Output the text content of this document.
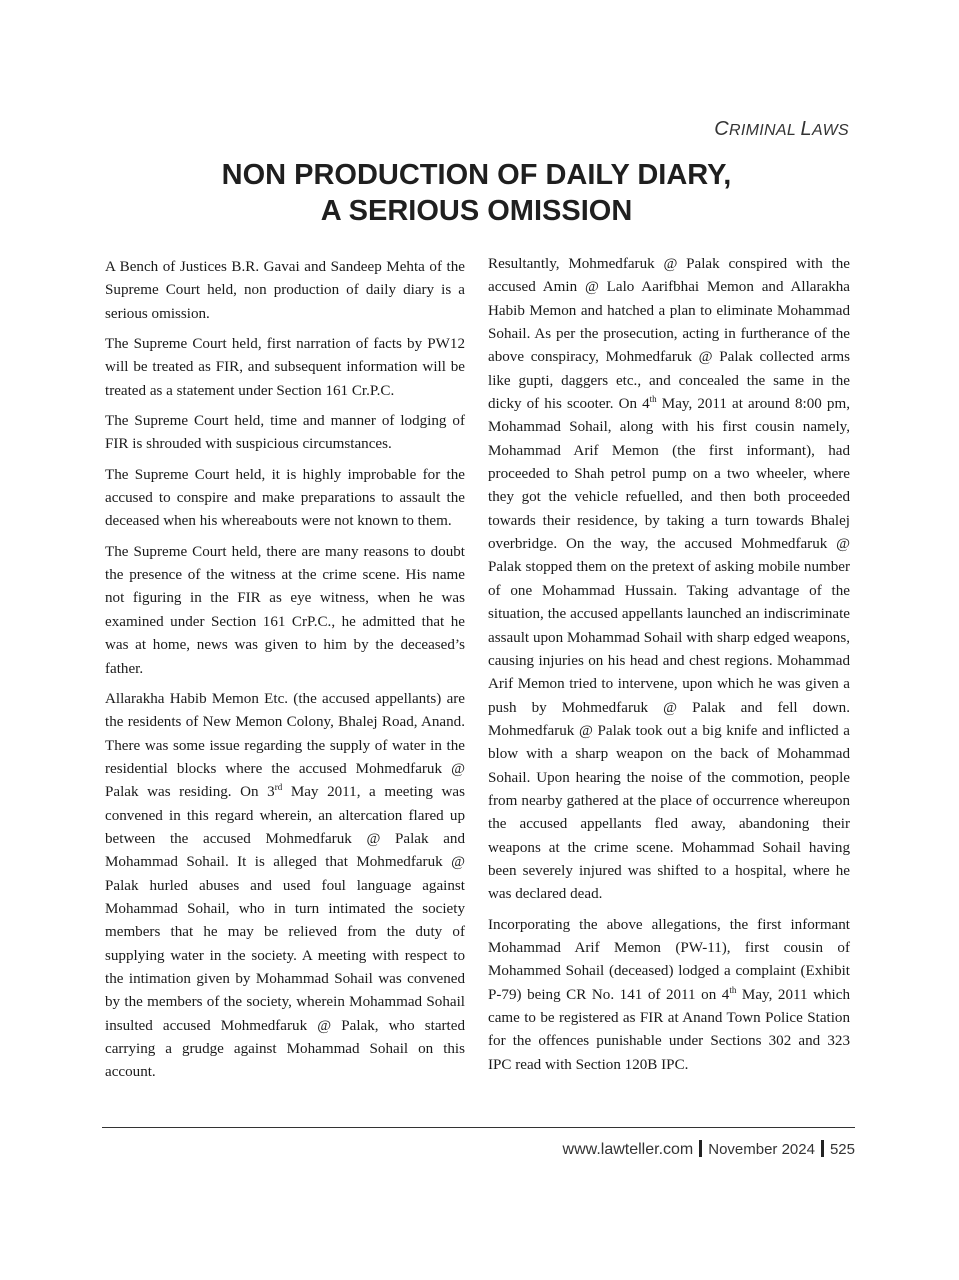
CRIMINAL LAWS
NON PRODUCTION OF DAILY DIARY,
A SERIOUS OMISSION

A Bench of Justices B.R. Gavai and Sandeep Mehta of the Supreme Court held, non production of daily diary is a serious omission.

The Supreme Court held, first narration of facts by PW12 will be treated as FIR, and subsequent information will be treated as a statement under Section 161 Cr.P.C.

The Supreme Court held, time and manner of lodging of FIR is shrouded with suspicious circumstances.

The Supreme Court held, it is highly improbable for the accused to conspire and make preparations to assault the deceased when his whereabouts were not known to them.

The Supreme Court held, there are many reasons to doubt the presence of the witness at the crime scene. His name not figuring in the FIR as eye witness, when he was examined under Section 161 CrP.C., he admitted that he was at home, news was given to him by the deceased’s father.

Allarakha Habib Memon Etc. (the accused appellants) are the residents of New Memon Colony, Bhalej Road, Anand. There was some issue regarding the supply of water in the residential blocks where the accused Mohmedfaruk @ Palak was residing. On 3rd May 2011, a meeting was convened in this regard wherein, an altercation flared up between the accused Mohmedfaruk @ Palak and Mohammad Sohail. It is alleged that Mohmedfaruk @ Palak hurled abuses and used foul language against Mohammad Sohail, who in turn intimated the society members that he may be relieved from the duty of supplying water in the society. A meeting with respect to the intimation given by Mohammad Sohail was convened by the members of the society, wherein Mohammad Sohail insulted accused Mohmedfaruk @ Palak, who started carrying a grudge against Mohammad Sohail on this account.

Resultantly, Mohmedfaruk @ Palak conspired with the accused Amin @ Lalo Aarifbhai Memon and Allarakha Habib Memon and hatched a plan to eliminate Mohammad Sohail. As per the prosecution, acting in furtherance of the above conspiracy, Mohmedfaruk @ Palak collected arms like gupti, daggers etc., and concealed the same in the dicky of his scooter. On 4th May, 2011 at around 8:00 pm, Mohammad Sohail, along with his first cousin namely, Mohammad Arif Memon (the first informant), had proceeded to Shah petrol pump on a two wheeler, where they got the vehicle refuelled, and then both proceeded towards their residence, by taking a turn towards Bhalej overbridge. On the way, the accused Mohmedfaruk @ Palak stopped them on the pretext of asking mobile number of one Mohammad Hussain. Taking advantage of the situation, the accused appellants launched an indiscriminate assault upon Mohammad Sohail with sharp edged weapons, causing injuries on his head and chest regions. Mohammad Arif Memon tried to intervene, upon which he was given a push by Mohmedfaruk @ Palak and fell down. Mohmedfaruk @ Palak took out a big knife and inflicted a blow with a sharp weapon on the back of Mohammad Sohail. Upon hearing the noise of the commotion, people from nearby gathered at the place of occurrence whereupon the accused appellants fled away, abandoning their weapons at the crime scene. Mohammad Sohail having been severely injured was shifted to a hospital, where he was declared dead.

Incorporating the above allegations, the first informant Mohammad Arif Memon (PW-11), first cousin of Mohammed Sohail (deceased) lodged a complaint (Exhibit P-79) being CR No. 141 of 2011 on 4th May, 2011 which came to be registered as FIR at Anand Town Police Station for the offences punishable under Sections 302 and 323 IPC read with Section 120B IPC.

www.lawteller.com November 2024 525
